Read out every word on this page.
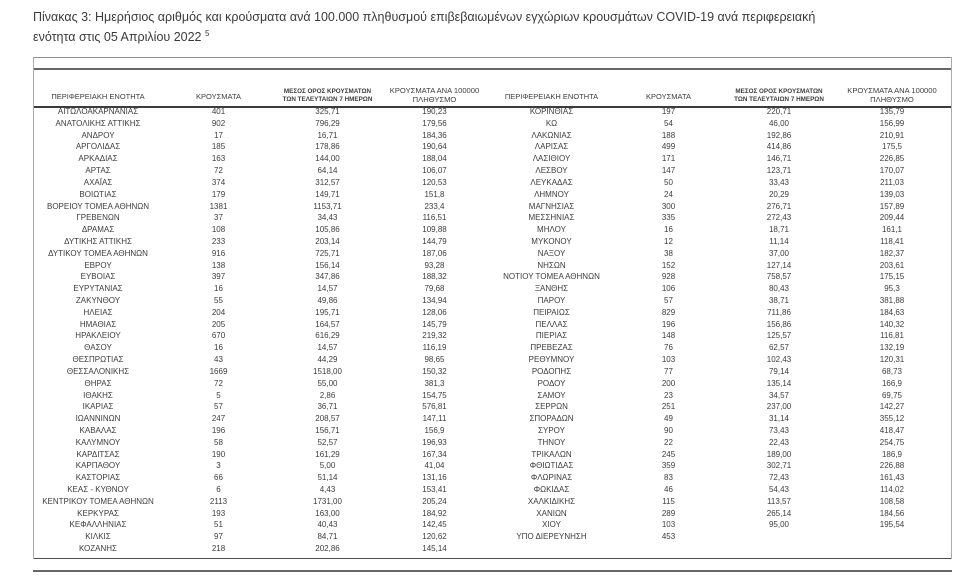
Πίνακας 3: Ημερήσιος αριθμός και κρούσματα ανά 100.000 πληθυσμού επιβεβαιωμένων εγχώριων κρουσμάτων COVID-19 ανά περιφερειακή
ενότητα στις 05 Απριλίου 2022 $^5$
ΠΕΡΙΦΕΡΕΙΑΚΗ ΕΝΟΤΗΤΑ	ΚΡΟΥΣΜΑΤΑ	ΜΕΣΟΣ ΟΡΟΣ ΚΡΟΥΣΜΑΤΩΝ
ΤΩΝ ΤΕΛΕΥΤΑΙΩΝ 7 ΗΜΕΡΩΝ	ΚΡΟΥΣΜΑΤΑ ΑΝΑ 100000
ΠΛΗΘΥΣΜΟ

ΑΙΤΩΛΟΑΚΑΡΝΑΝΙΑΣ	401	325,71	190,23
ΑΝΑΤΟΛΙΚΗΣ ΑΤΤΙΚΗΣ	902	796,29	179,56
ΑΝΔΡΟΥ	17	16,71	184,36
ΑΡΓΟΛΙΔΑΣ	185	178,86	190,64
ΑΡΚΑΔΙΑΣ	163	144,00	188,04
ΑΡΤΑΣ	72	64,14	106,07
ΑΧΑΪΑΣ	374	312,57	120,53
ΒΟΙΩΤΙΑΣ	179	149,71	151,8
ΒΟΡΕΙΟΥ ΤΟΜΕΑ ΑΘΗΝΩΝ	1381	1153,71	233,4
ΓΡΕΒΕΝΩΝ	37	34,43	116,51
ΔΡΑΜΑΣ	108	105,86	109,88
ΔΥΤΙΚΗΣ ΑΤΤΙΚΗΣ	233	203,14	144,79
ΔΥΤΙΚΟΥ ΤΟΜΕΑ ΑΘΗΝΩΝ	916	725,71	187,06
ΕΒΡΟΥ	138	156,14	93,28
ΕΥΒΟΙΑΣ	397	347,86	188,32
ΕΥΡΥΤΑΝΙΑΣ	16	14,57	79,68
ΖΑΚΥΝΘΟΥ	55	49,86	134,94
ΗΛΕΙΑΣ	204	195,71	128,06
ΗΜΑΘΙΑΣ	205	164,57	145,79
ΗΡΑΚΛΕΙΟΥ	670	616,29	219,32
ΘΑΣΟΥ	16	14,57	116,19
ΘΕΣΠΡΩΤΙΑΣ	43	44,29	98,65
ΘΕΣΣΑΛΟΝΙΚΗΣ	1669	1518,00	150,32
ΘΗΡΑΣ	72	55,00	381,3
ΙΘΑΚΗΣ	5	2,86	154,75
ΙΚΑΡΙΑΣ	57	36,71	576,81
ΙΩΑΝΝΙΝΩΝ	247	208,57	147,11
ΚΑΒΑΛΑΣ	196	156,71	156,9
ΚΑΛΥΜΝΟΥ	58	52,57	196,93
ΚΑΡΔΙΤΣΑΣ	190	161,29	167,34
ΚΑΡΠΑΘΟΥ	3	5,00	41,04
ΚΑΣΤΟΡΙΑΣ	66	51,14	131,16
ΚΕΑΣ - ΚΥΘΝΟΥ	6	4,43	153,41
ΚΕΝΤΡΙΚΟΥ ΤΟΜΕΑ ΑΘΗΝΩΝ	2113	1731,00	205,24
ΚΕΡΚΥΡΑΣ	193	163,00	184,92
ΚΕΦΑΛΛΗΝΙΑΣ	51	40,43	142,45
ΚΙΛΚΙΣ	97	84,71	120,62
ΚΟΖΑΝΗΣ	218	202,86	145,14
ΠΕΡΙΦΕΡΕΙΑΚΗ ΕΝΟΤΗΤΑ	ΚΡΟΥΣΜΑΤΑ	ΜΕΣΟΣ ΟΡΟΣ ΚΡΟΥΣΜΑΤΩΝ
ΤΩΝ ΤΕΛΕΥΤΑΙΩΝ 7 ΗΜΕΡΩΝ	ΚΡΟΥΣΜΑΤΑ ΑΝΑ 100000
ΠΛΗΘΥΣΜΟ

ΚΟΡΙΝΘΙΑΣ	197	220,71	135,79
ΚΩ	54	46,00	156,99
ΛΑΚΩΝΙΑΣ	188	192,86	210,91
ΛΑΡΙΣΑΣ	499	414,86	175,5
ΛΑΣΙΘΙΟΥ	171	146,71	226,85
ΛΕΣΒΟΥ	147	123,71	170,07
ΛΕΥΚΑΔΑΣ	50	33,43	211,03
ΛΗΜΝΟΥ	24	20,29	139,03
ΜΑΓΝΗΣΙΑΣ	300	276,71	157,89
ΜΕΣΣΗΝΙΑΣ	335	272,43	209,44
ΜΗΛΟΥ	16	18,71	161,1
ΜΥΚΟΝΟΥ	12	11,14	118,41
ΝΑΞΟΥ	38	37,00	182,37
ΝΗΣΩΝ	152	127,14	203,61
ΝΟΤΙΟΥ ΤΟΜΕΑ ΑΘΗΝΩΝ	928	758,57	175,15
ΞΑΝΘΗΣ	106	80,43	95,3
ΠΑΡΟΥ	57	38,71	381,88
ΠΕΙΡΑΙΩΣ	829	711,86	184,63
ΠΕΛΛΑΣ	196	156,86	140,32
ΠΙΕΡΙΑΣ	148	125,57	116,81
ΠΡΕΒΕΖΑΣ	76	62,57	132,19
ΡΕΘΥΜΝΟΥ	103	102,43	120,31
ΡΟΔΟΠΗΣ	77	79,14	68,73
ΡΟΔΟΥ	200	135,14	166,9
ΣΑΜΟΥ	23	34,57	69,75
ΣΕΡΡΩΝ	251	237,00	142,27
ΣΠΟΡΑΔΩΝ	49	31,14	355,12
ΣΥΡΟΥ	90	73,43	418,47
ΤΗΝΟΥ	22	22,43	254,75
ΤΡΙΚΑΛΩΝ	245	189,00	186,9
ΦΘΙΩΤΙΔΑΣ	359	302,71	226,88
ΦΛΩΡΙΝΑΣ	83	72,43	161,43
ΦΩΚΙΔΑΣ	46	54,43	114,02
ΧΑΛΚΙΔΙΚΗΣ	115	113,57	108,58
ΧΑΝΙΩΝ	289	265,14	184,56
ΧΙΟΥ	103	95,00	195,54
ΥΠΟ ΔΙΕΡΕΥΝΗΣΗ	453		
